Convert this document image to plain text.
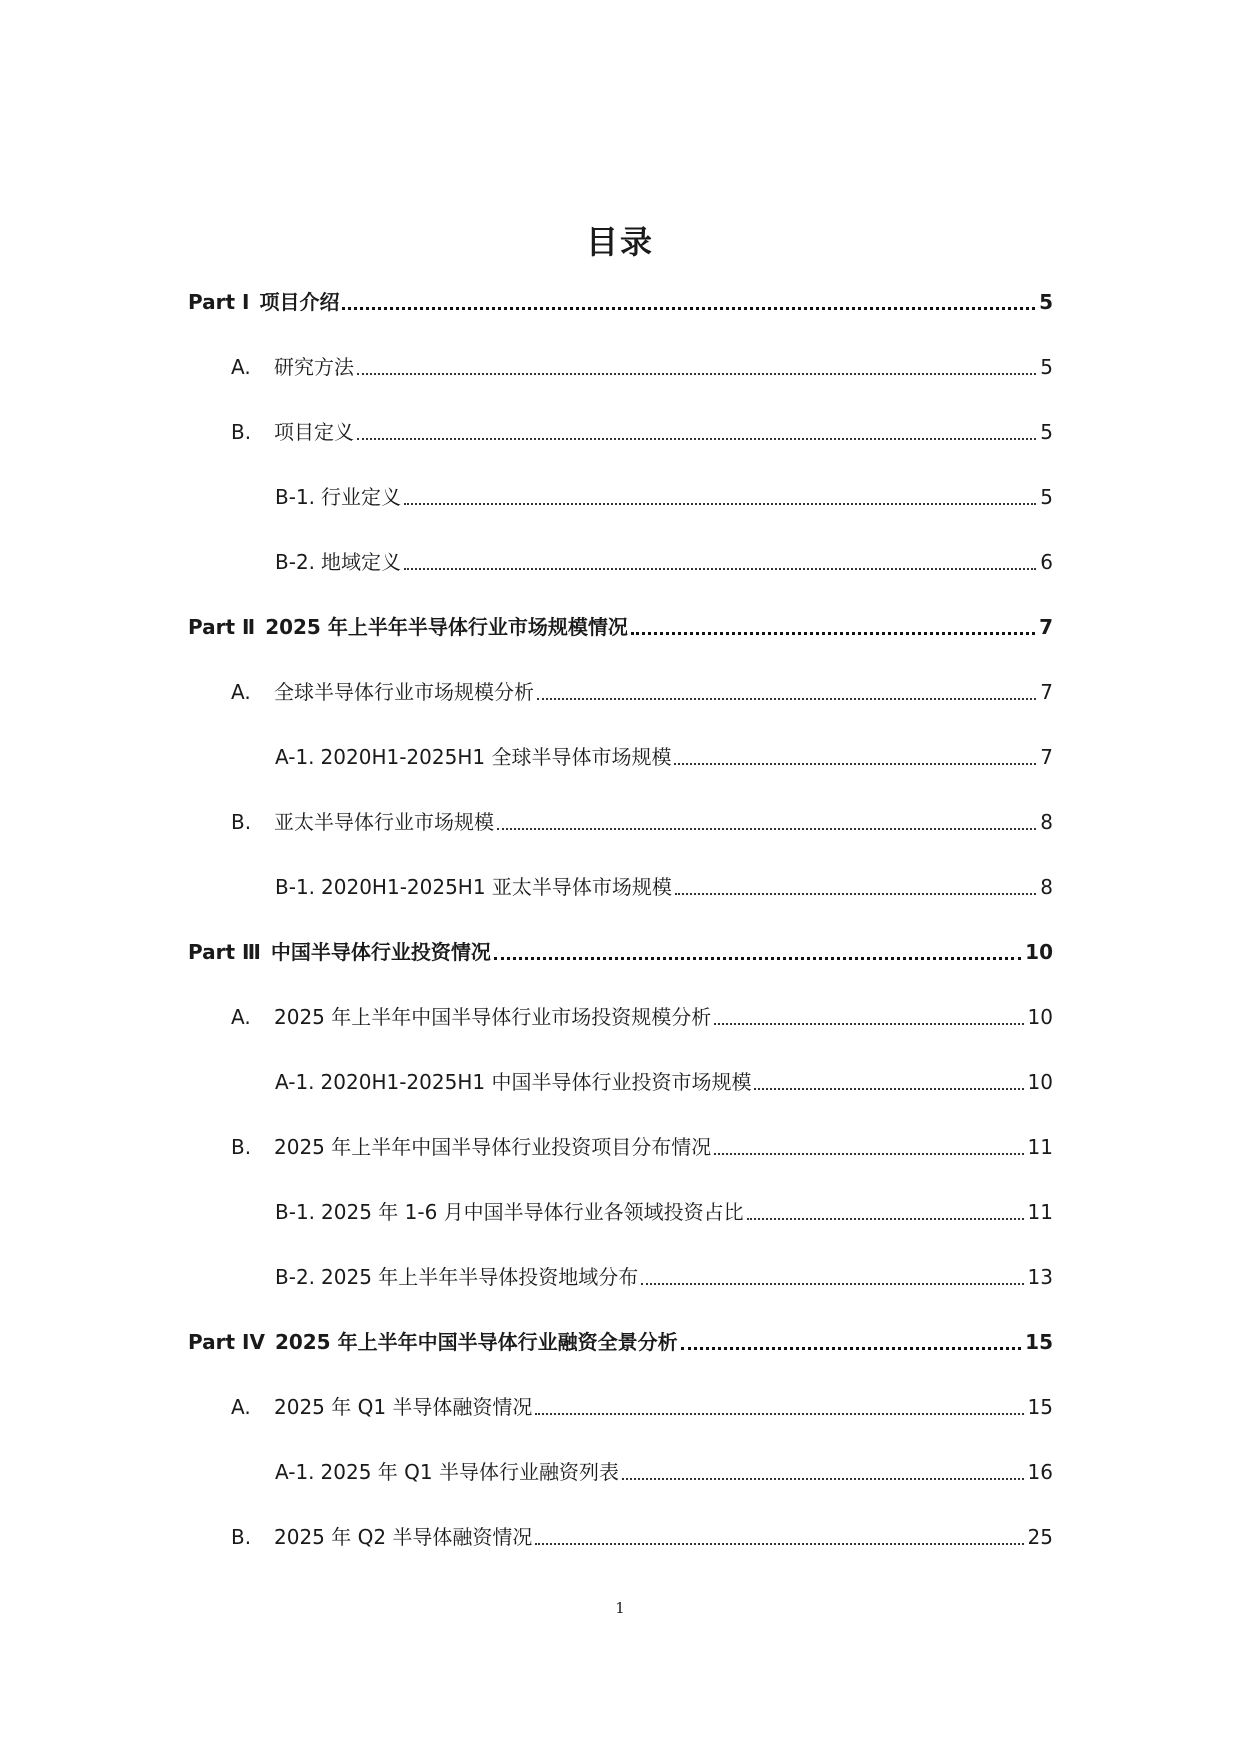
目录
Part Ⅰ 项目介绍	5
A.	研究方法	5
B.	项目定义	5
B-1. 行业定义	5
B-2. 地域定义	6
Part Ⅱ 2025 年上半年半导体行业市场规模情况	7
A.	全球半导体行业市场规模分析	7
A-1. 2020H1-2025H1 全球半导体市场规模	7
B.	亚太半导体行业市场规模	8
B-1. 2020H1-2025H1 亚太半导体市场规模	8
Part Ⅲ 中国半导体行业投资情况	10
A.	2025 年上半年中国半导体行业市场投资规模分析	10
A-1. 2020H1-2025H1 中国半导体行业投资市场规模	10
B.	2025 年上半年中国半导体行业投资项目分布情况	11
B-1. 2025 年 1-6 月中国半导体行业各领域投资占比	11
B-2. 2025 年上半年半导体投资地域分布	13
Part IV 2025 年上半年中国半导体行业融资全景分析	15
A.	2025 年 Q1 半导体融资情况	15
A-1. 2025 年 Q1 半导体行业融资列表	16
B.	2025 年 Q2 半导体融资情况	25
1
